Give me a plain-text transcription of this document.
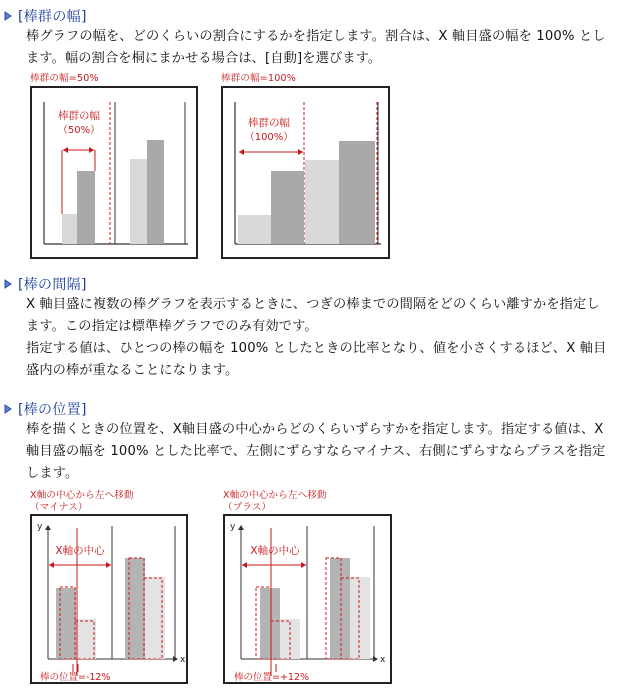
[棒群の幅]
棒グラフの幅を、どのくらいの割合にするかを指定します。割合は、X 軸目盛の幅を 100% とし
ます。幅の割合を桐にまかせる場合は、[自動]を選びます。
棒群の幅=50%
棒群の幅
（50%）
棒群の幅=100%
棒群の幅
（100%）
[棒の間隔]
X 軸目盛に複数の棒グラフを表示するときに、つぎの棒までの間隔をどのくらい離すかを指定し
ます。この指定は標準棒グラフでのみ有効です。
指定する値は、ひとつの棒の幅を 100% としたときの比率となり、値を小さくするほど、X 軸目
盛内の棒が重なることになります。
[棒の位置]
棒を描くときの位置を、X軸目盛の中心からどのくらいずらすかを指定します。指定する値は、X
軸目盛の幅を 100% とした比率で、左側にずらすならマイナス、右側にずらすならプラスを指定
します。
X軸の中心から左へ移動
（マイナス）
y
x
X軸の中心
棒の位置=-12%
X軸の中心から左へ移動
（プラス）
y
x
X軸の中心
棒の位置=+12%
